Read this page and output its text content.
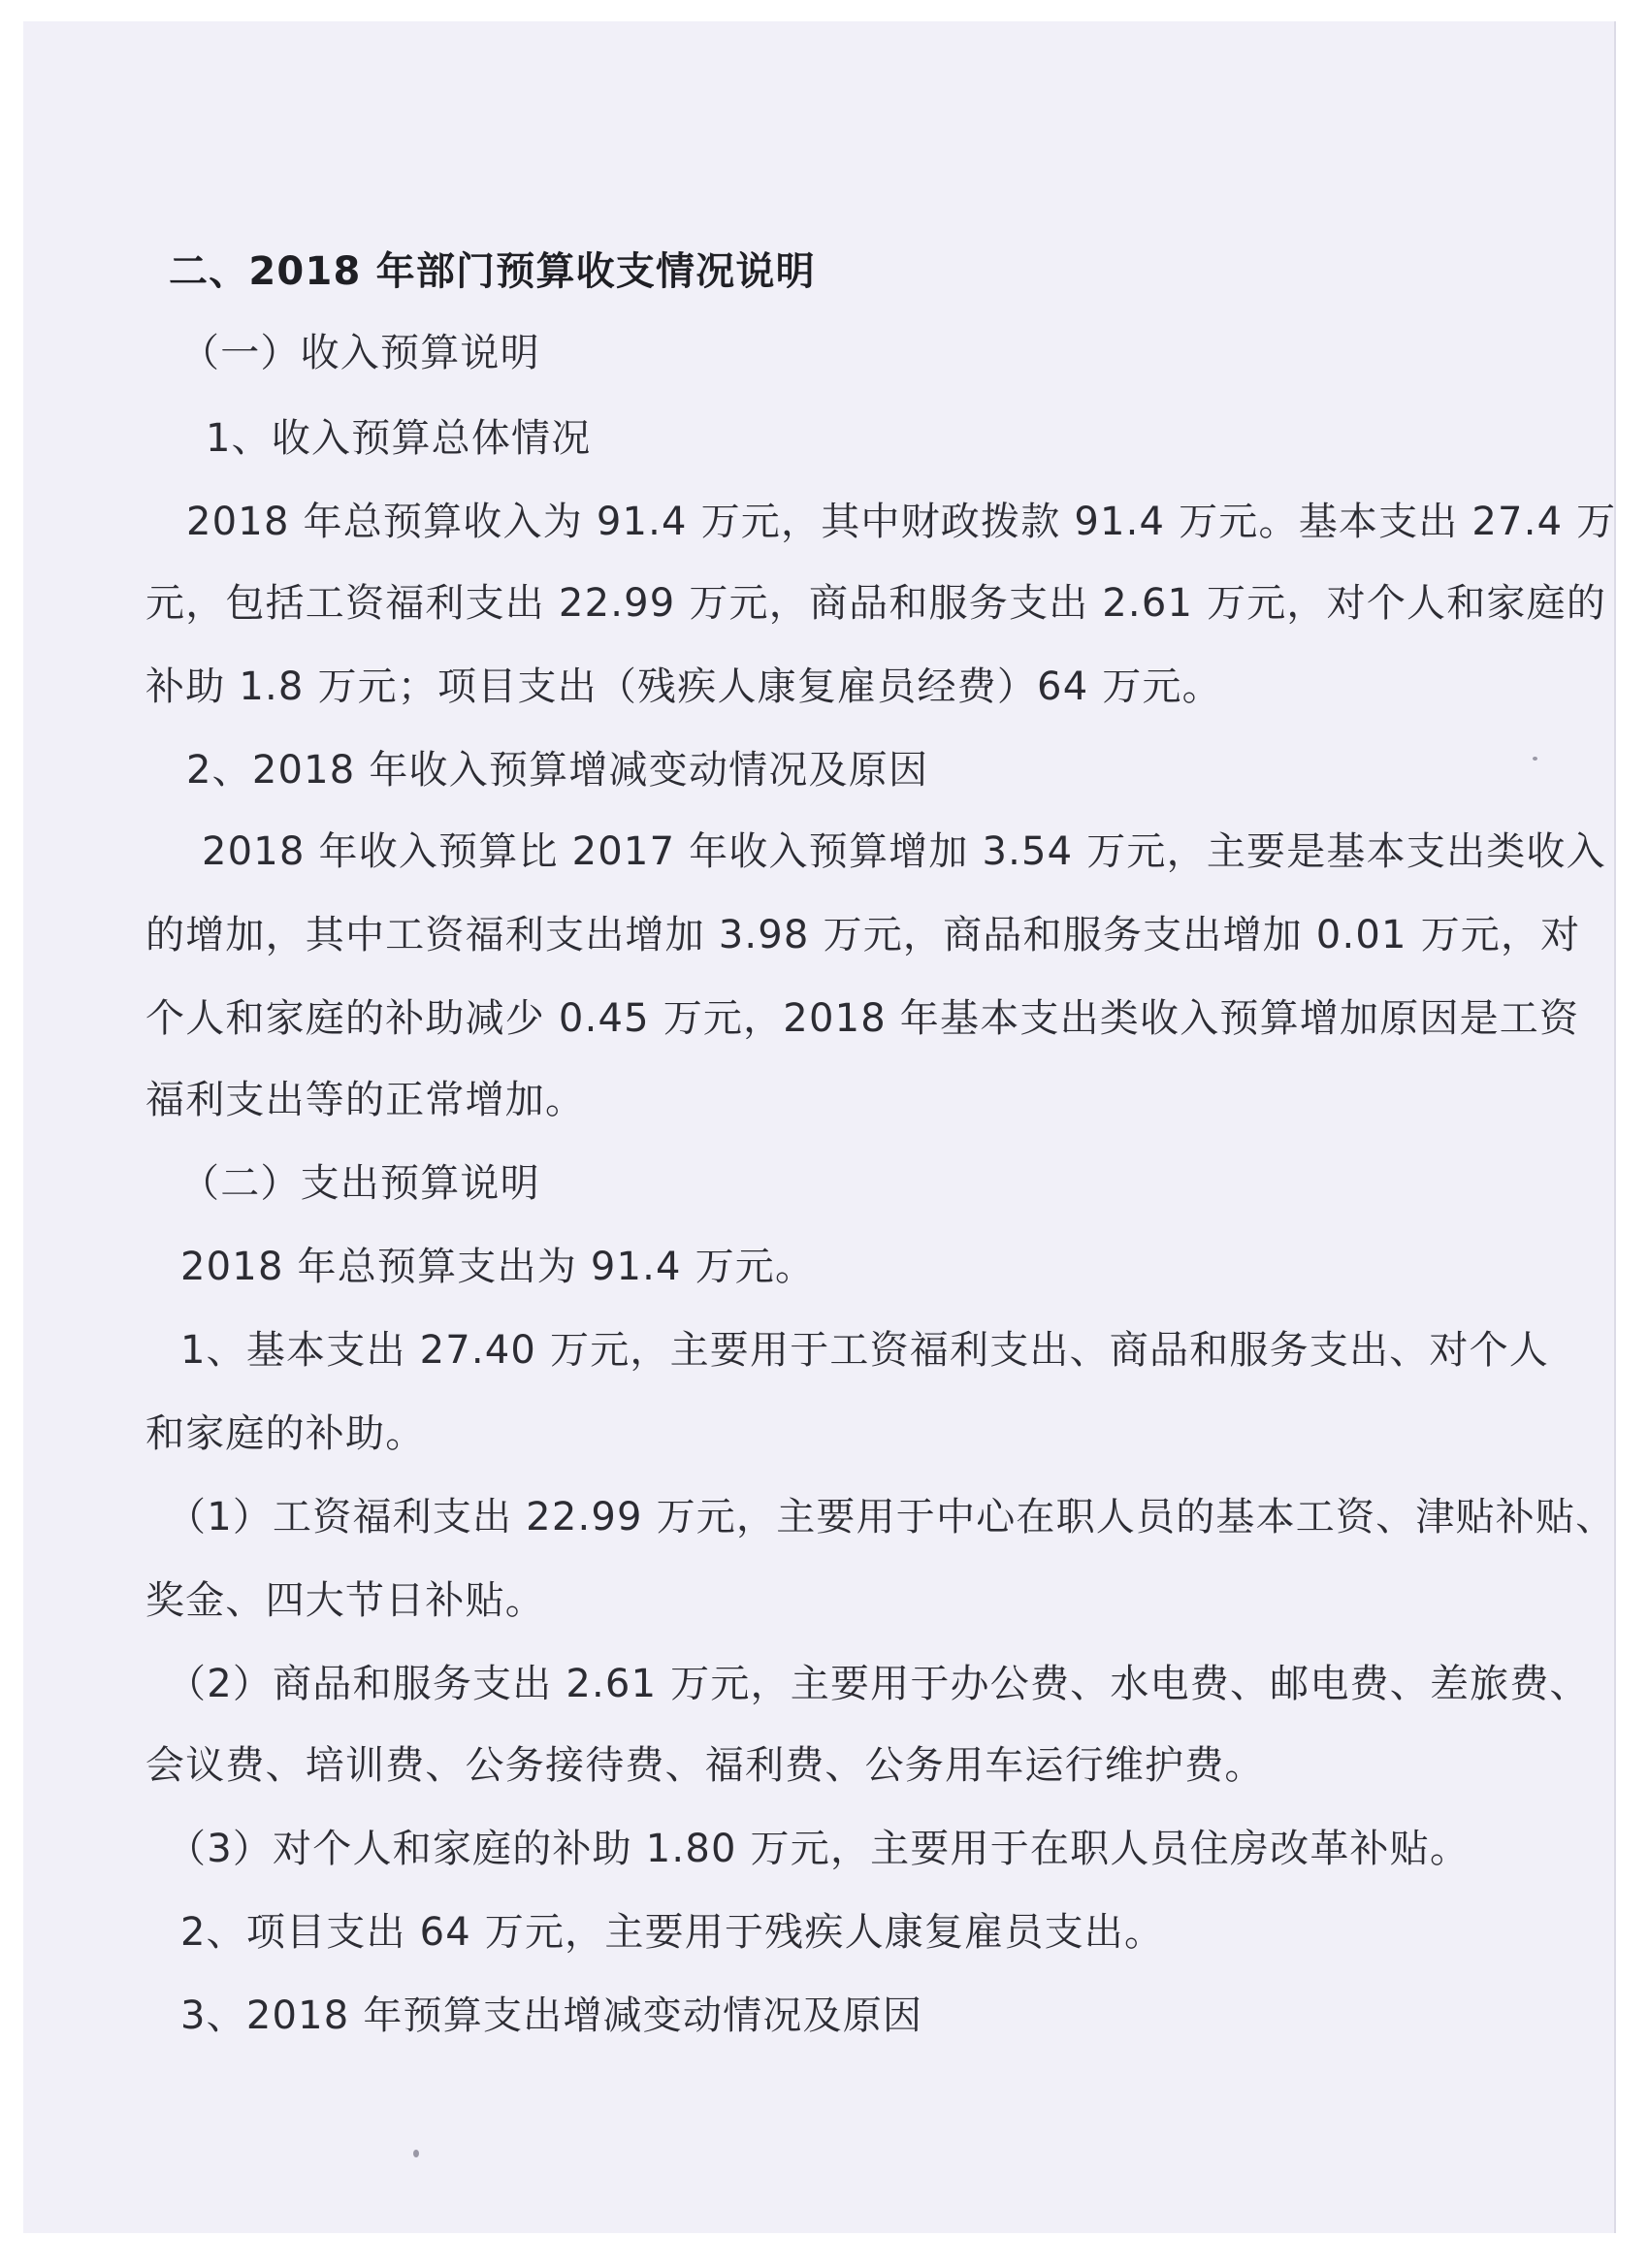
二、2018 年部门预算收支情况说明

（一）收入预算说明

1、收入预算总体情况

2018 年总预算收入为 91.4 万元，其中财政拨款 91.4 万元。基本支出 27.4 万

元，包括工资福利支出 22.99 万元，商品和服务支出 2.61 万元，对个人和家庭的

补助 1.8 万元；项目支出（残疾人康复雇员经费）64 万元。

2、2018 年收入预算增减变动情况及原因

2018 年收入预算比 2017 年收入预算增加 3.54 万元，主要是基本支出类收入

的增加，其中工资福利支出增加 3.98 万元，商品和服务支出增加 0.01 万元，对

个人和家庭的补助减少 0.45 万元，2018 年基本支出类收入预算增加原因是工资

福利支出等的正常增加。

（二）支出预算说明

2018 年总预算支出为 91.4 万元。

1、基本支出 27.40 万元，主要用于工资福利支出、商品和服务支出、对个人

和家庭的补助。

（1）工资福利支出 22.99 万元，主要用于中心在职人员的基本工资、津贴补贴、

奖金、四大节日补贴。

（2）商品和服务支出 2.61 万元，主要用于办公费、水电费、邮电费、差旅费、

会议费、培训费、公务接待费、福利费、公务用车运行维护费。

（3）对个人和家庭的补助 1.80 万元，主要用于在职人员住房改革补贴。

2、项目支出 64 万元，主要用于残疾人康复雇员支出。

3、2018 年预算支出增减变动情况及原因
